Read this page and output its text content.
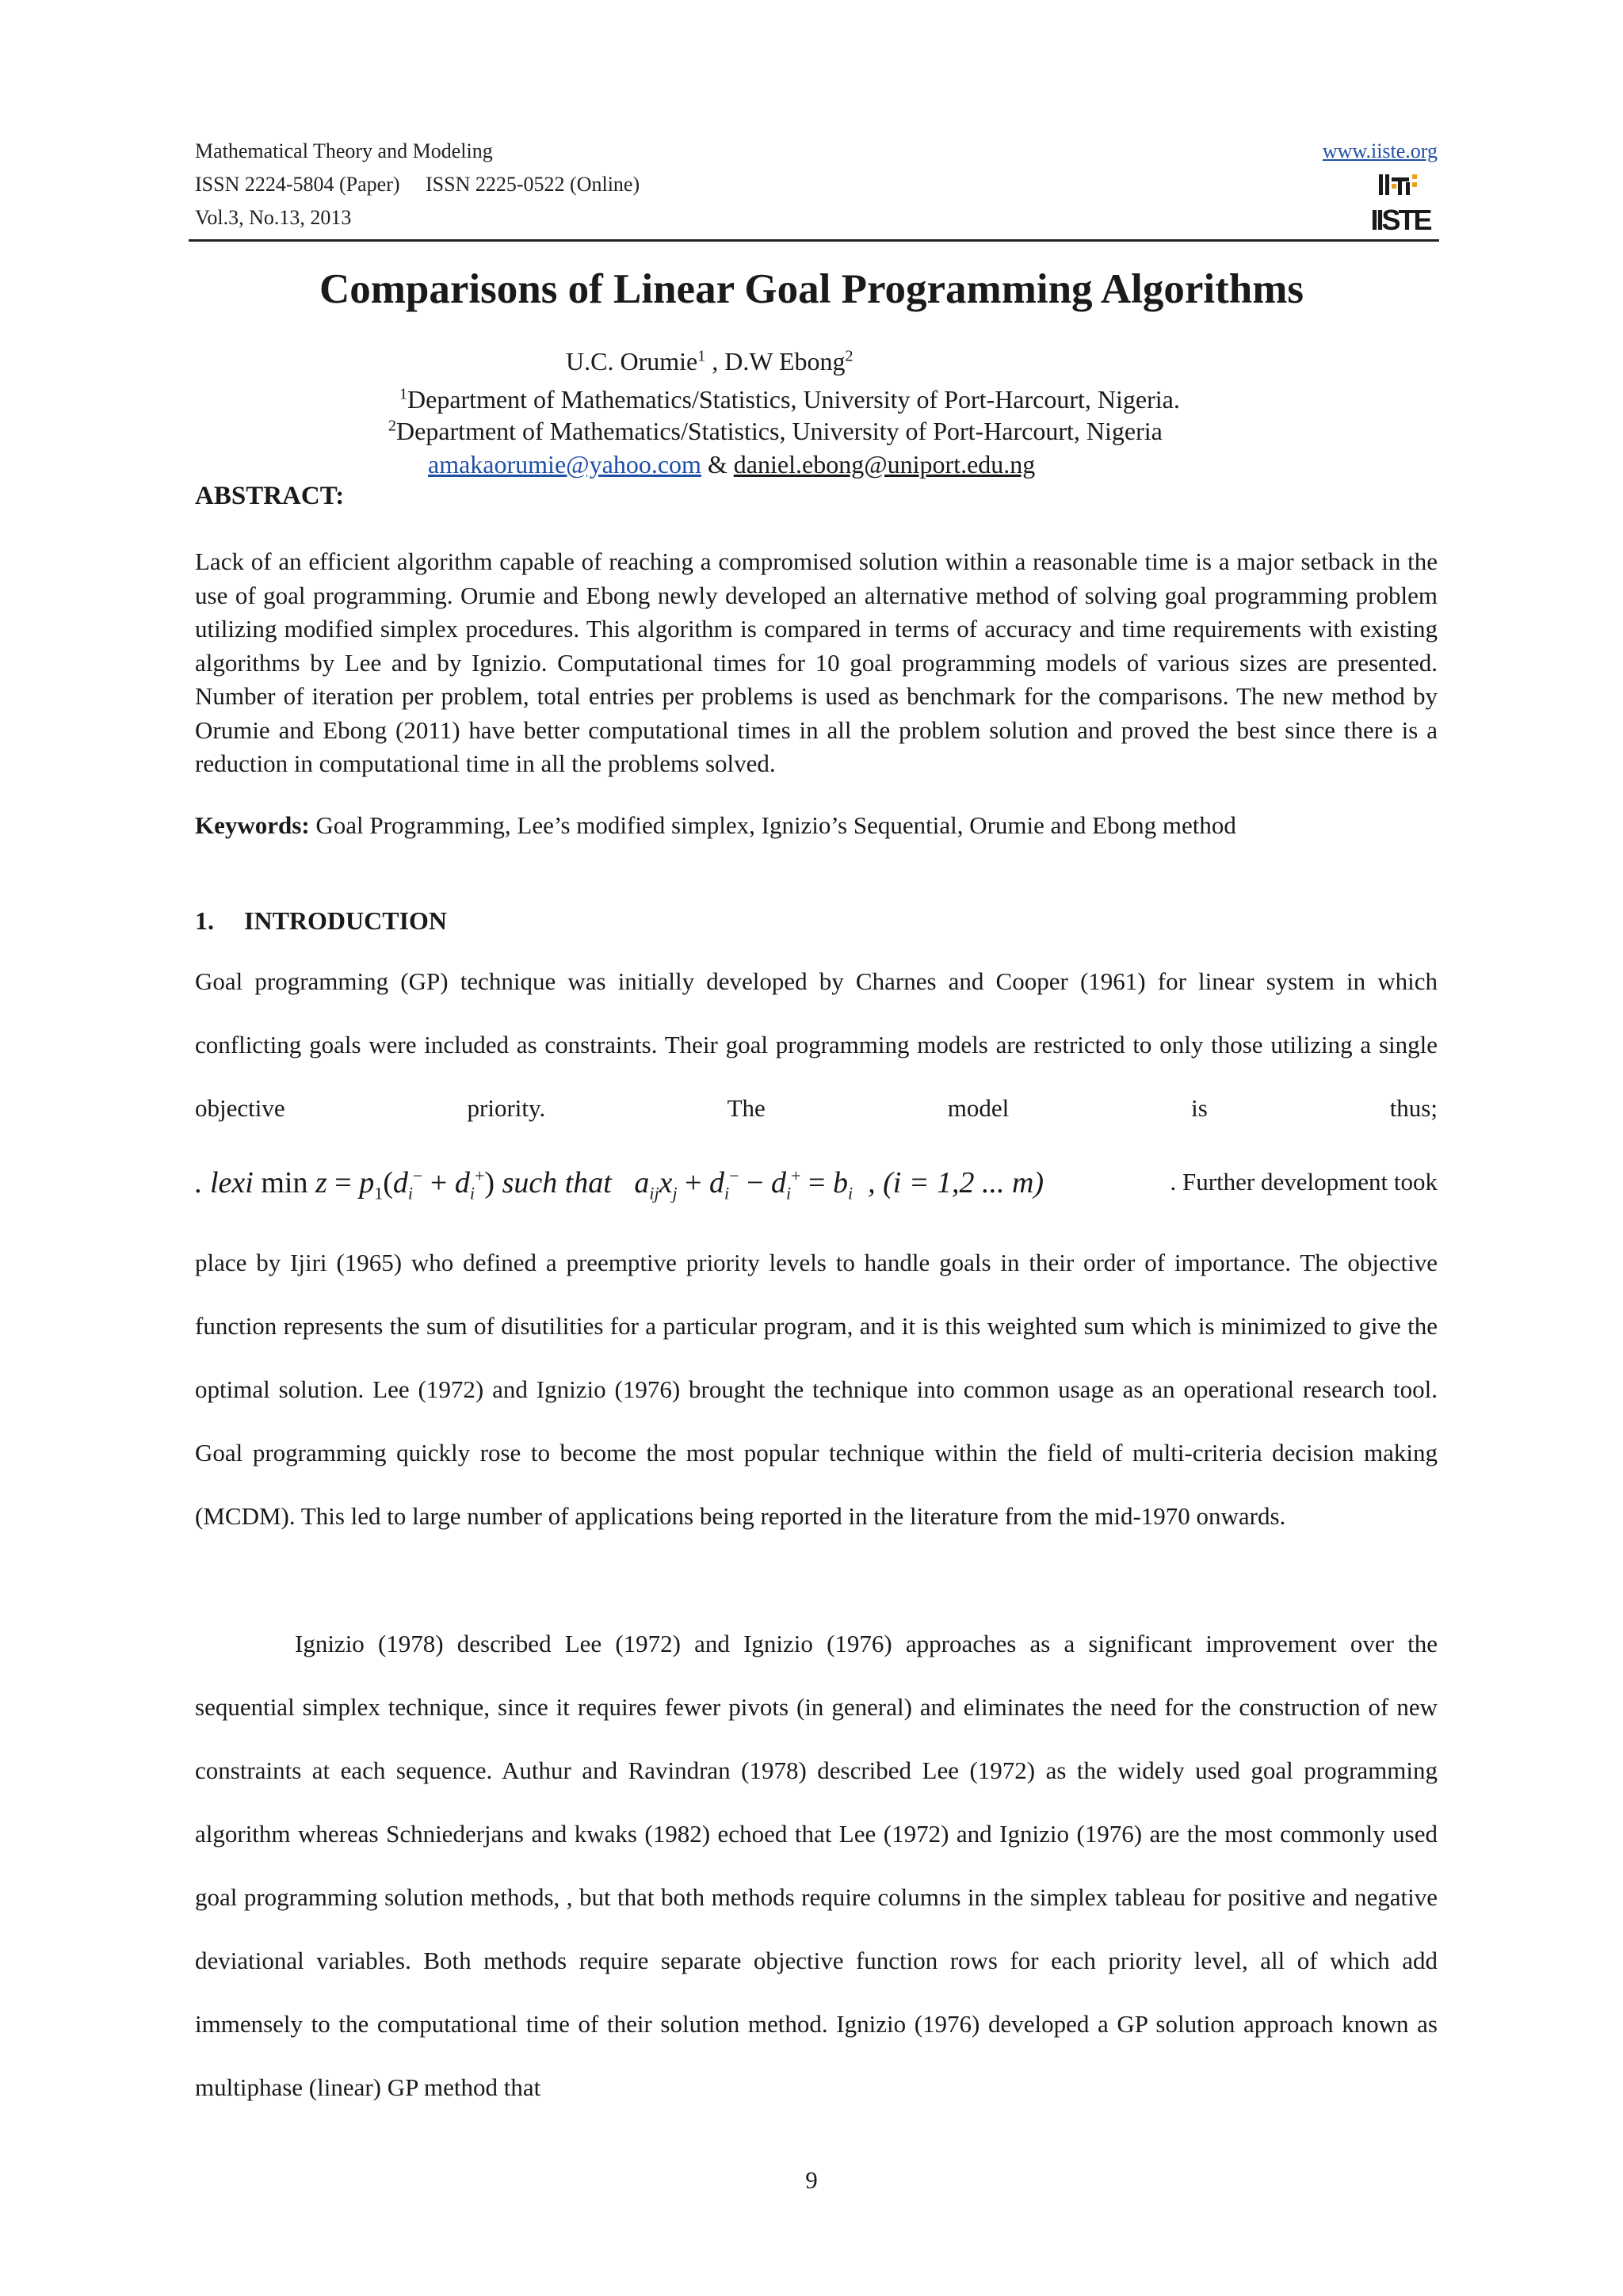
Mathematical Theory and Modeling
ISSN 2224-5804 (Paper)     ISSN 2225-0522 (Online)
Vol.3, No.13, 2013
www.iiste.org
IISTE
Comparisons of Linear Goal Programming Algorithms
U.C. Orumie$^1$ , D.W Ebong$^2$
$^1$Department of Mathematics/Statistics, University of Port-Harcourt, Nigeria.
$^2$Department of Mathematics/Statistics, University of Port-Harcourt, Nigeria
amakaorumie@yahoo.com & daniel.ebong@uniport.edu.ng
ABSTRACT:
Lack of an efficient algorithm capable of reaching a compromised solution within a reasonable time is a major setback in the use of goal programming. Orumie and Ebong newly developed an alternative method of solving goal programming problem utilizing modified simplex procedures. This algorithm is compared in terms of accuracy and time requirements with existing algorithms by Lee and by Ignizio. Computational times for 10 goal programming models of various sizes are presented. Number of iteration per problem, total entries per problems is used as benchmark for the comparisons. The new method by Orumie and Ebong (2011) have better computational times in all the problem solution and proved the best since there is a reduction in computational time in all the problems solved.
Keywords: Goal Programming, Lee’s modified simplex, Ignizio’s Sequential, Orumie and Ebong method
1. INTRODUCTION
Goal programming (GP) technique was initially developed by Charnes and Cooper (1961) for linear system in which conflicting goals were included as constraints. Their goal programming models are restricted to only those utilizing a single objective priority. The model is thus;
. lexi $\min z = p_1(d_i^- + d_i^+)$ such that   $a_{ij}x_j + d_i^- - d_i^+ = b_i$  , (i = 1,2 ... m)	. Further development took
place by Ijiri (1965) who defined a preemptive priority levels to handle goals in their order of importance. The objective function represents the sum of disutilities for a particular program, and it is this weighted sum which is minimized to give the optimal solution. Lee (1972) and Ignizio (1976) brought the technique into common usage as an operational research tool. Goal programming quickly rose to become the most popular technique within the field of multi-criteria decision making (MCDM). This led to large number of applications being reported in the literature from the mid-1970 onwards.
Ignizio (1978) described Lee (1972) and Ignizio (1976) approaches as a significant improvement over the sequential simplex technique, since it requires fewer pivots (in general) and eliminates the need for the construction of new constraints at each sequence. Authur and Ravindran (1978) described Lee (1972) as the widely used goal programming algorithm whereas Schniederjans and kwaks (1982) echoed that Lee (1972) and Ignizio (1976) are the most commonly used goal programming solution methods, , but that both methods require columns in the simplex tableau for positive and negative deviational variables. Both methods require separate objective function rows for each priority level, all of which add immensely to the computational time of their solution method. Ignizio (1976) developed a GP solution approach known as multiphase (linear) GP method that
9
